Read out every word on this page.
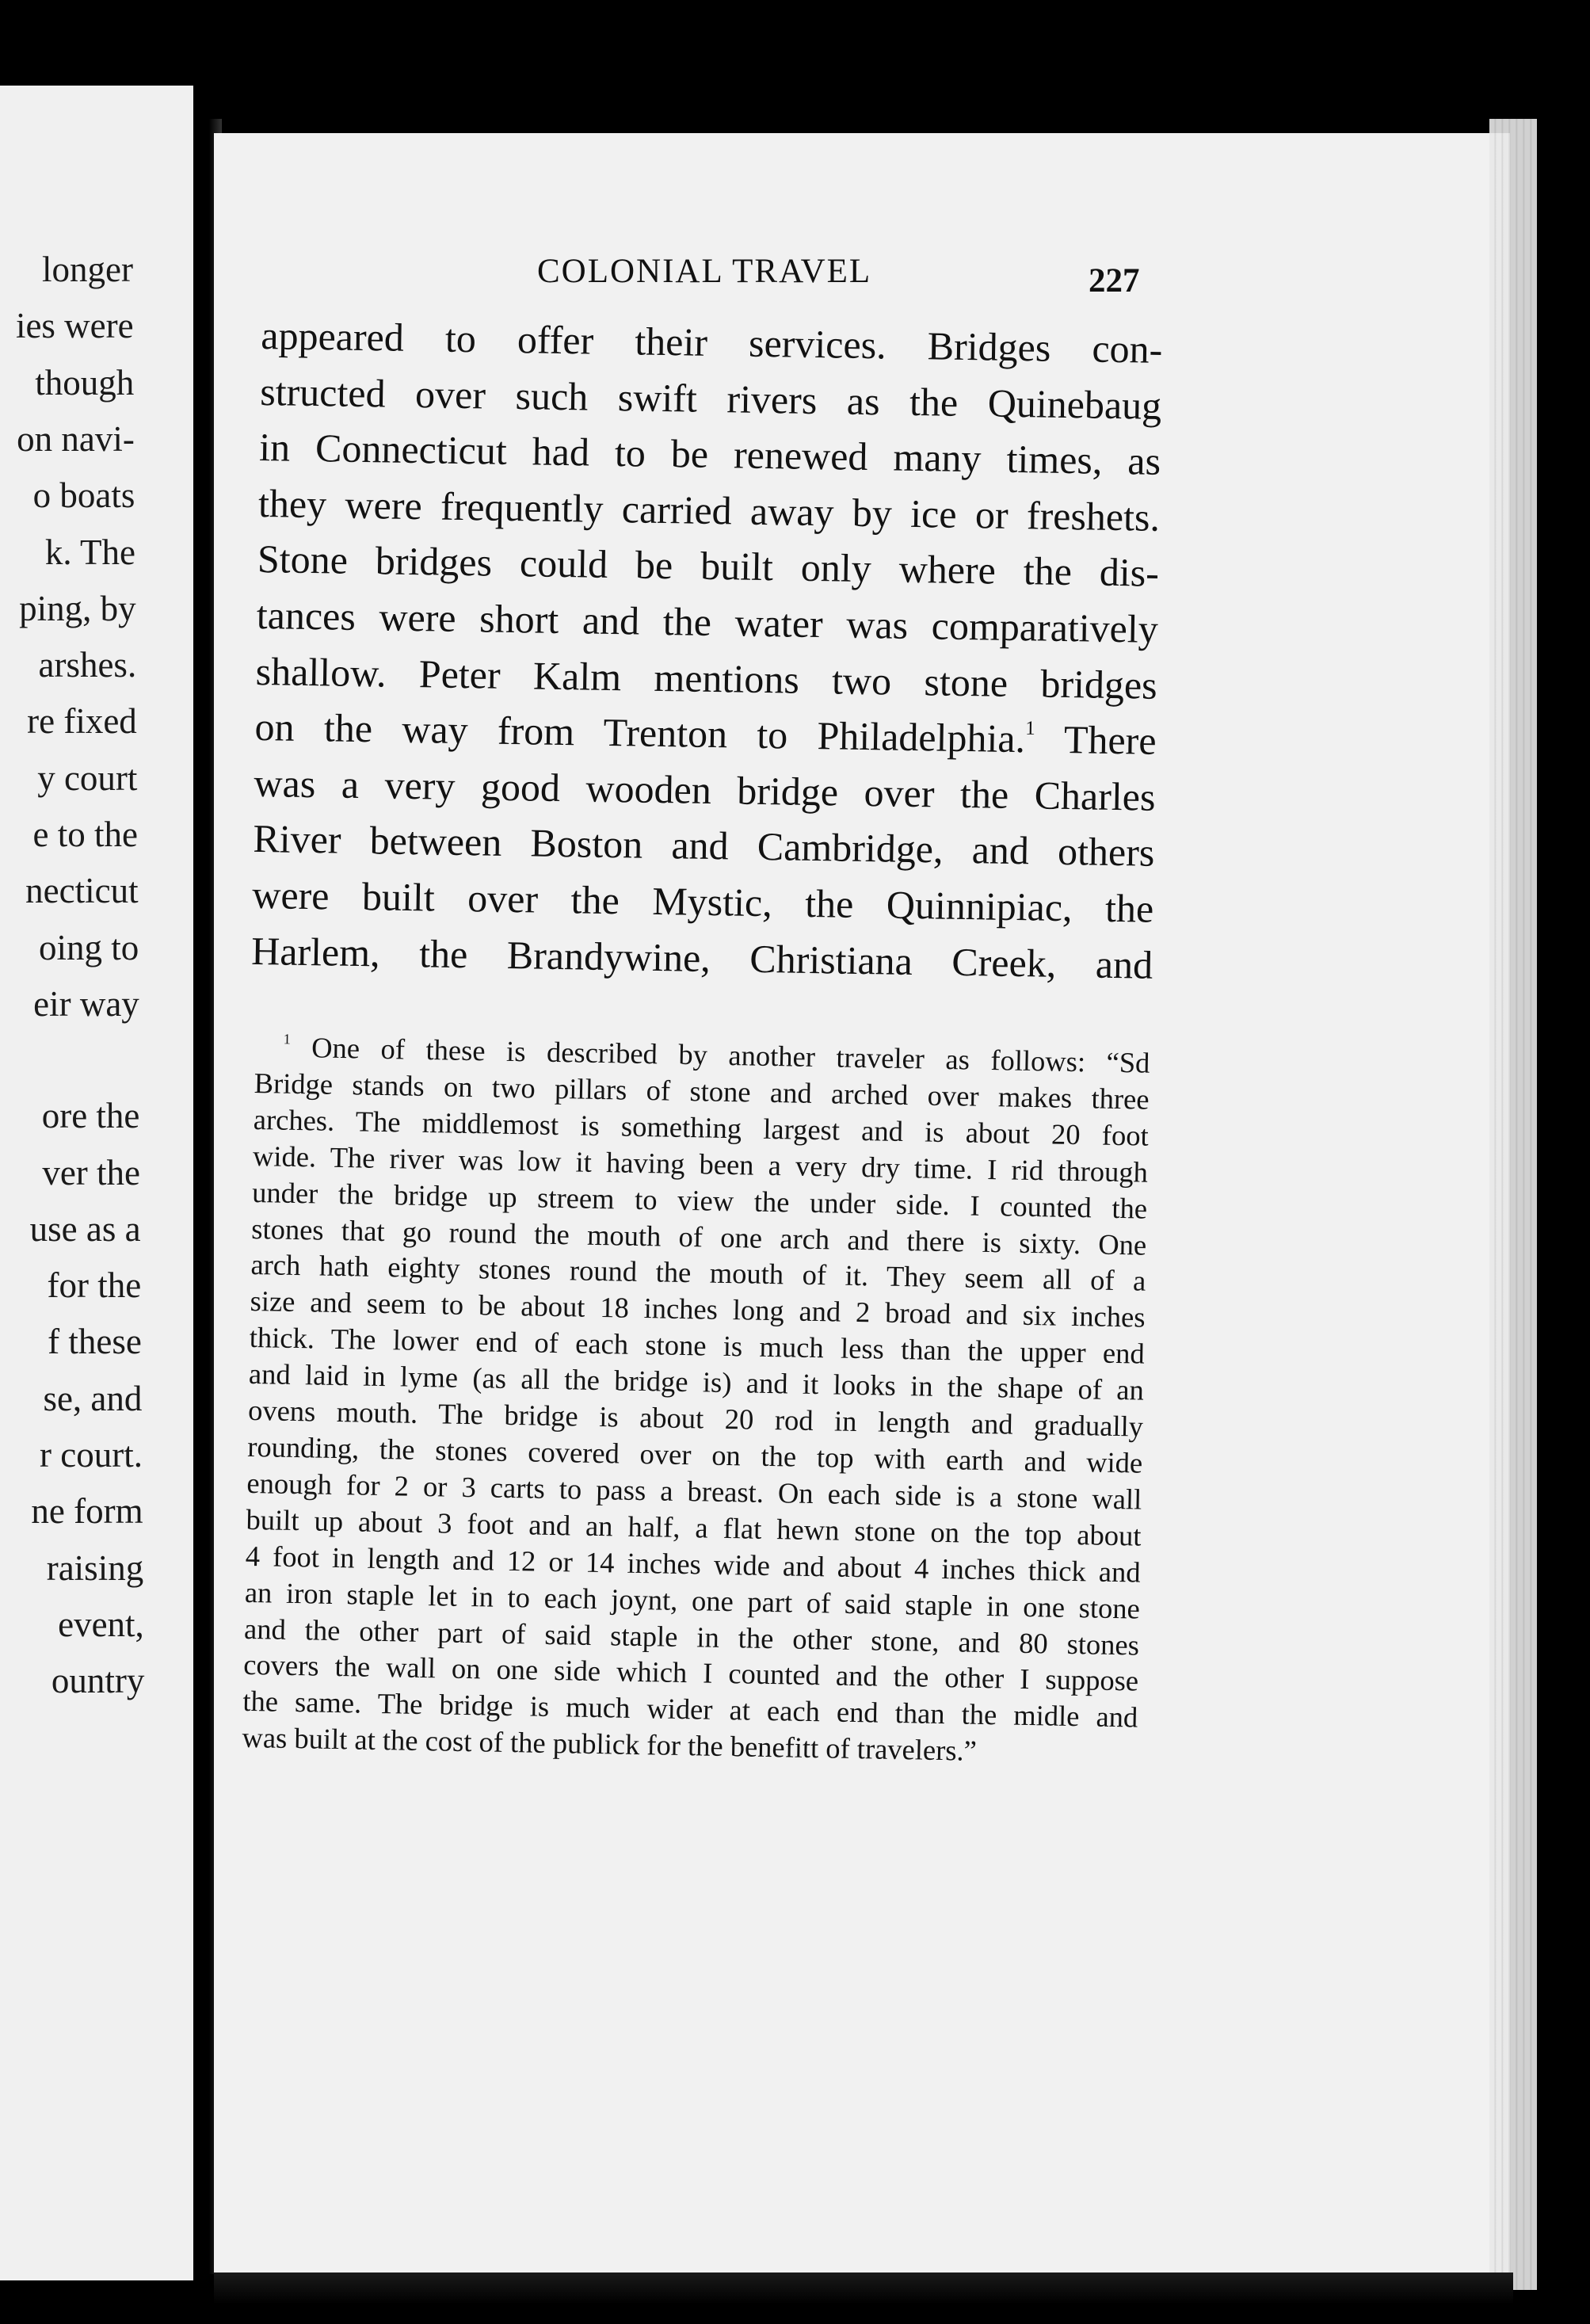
longer
ies were
though
on navi-
o boats
k. The
ping, by
arshes.
re fixed
y court
e to the
necticut
oing to
eir way
ore the
ver the
use as a
for the
f these
se, and
r court.
ne form
raising
event,
ountry
COLONIAL TRAVEL	227
appeared to offer their services. Bridges con-
structed over such swift rivers as the Quinebaug
in Connecticut had to be renewed many times, as
they were frequently carried away by ice or freshets.
Stone bridges could be built only where the dis-
tances were short and the water was comparatively
shallow. Peter Kalm mentions two stone bridges
on the way from Trenton to Philadelphia.$^1$ There
was a very good wooden bridge over the Charles
River between Boston and Cambridge, and others
were built over the Mystic, the Quinnipiac, the
Harlem, the Brandywine, Christiana Creek, and
$^1$ One of these is described by another traveler as follows: “Sd
Bridge stands on two pillars of stone and arched over makes three
arches. The middlemost is something largest and is about 20 foot
wide. The river was low it having been a very dry time. I rid through
under the bridge up streem to view the under side. I counted the
stones that go round the mouth of one arch and there is sixty. One
arch hath eighty stones round the mouth of it. They seem all of a
size and seem to be about 18 inches long and 2 broad and six inches
thick. The lower end of each stone is much less than the upper end
and laid in lyme (as all the bridge is) and it looks in the shape of an
ovens mouth. The bridge is about 20 rod in length and gradually
rounding, the stones covered over on the top with earth and wide
enough for 2 or 3 carts to pass a breast. On each side is a stone wall
built up about 3 foot and an half, a flat hewn stone on the top about
4 foot in length and 12 or 14 inches wide and about 4 inches thick and
an iron staple let in to each joynt, one part of said staple in one stone
and the other part of said staple in the other stone, and 80 stones
covers the wall on one side which I counted and the other I suppose
the same. The bridge is much wider at each end than the midle and
was built at the cost of the publick for the benefitt of travelers.”
